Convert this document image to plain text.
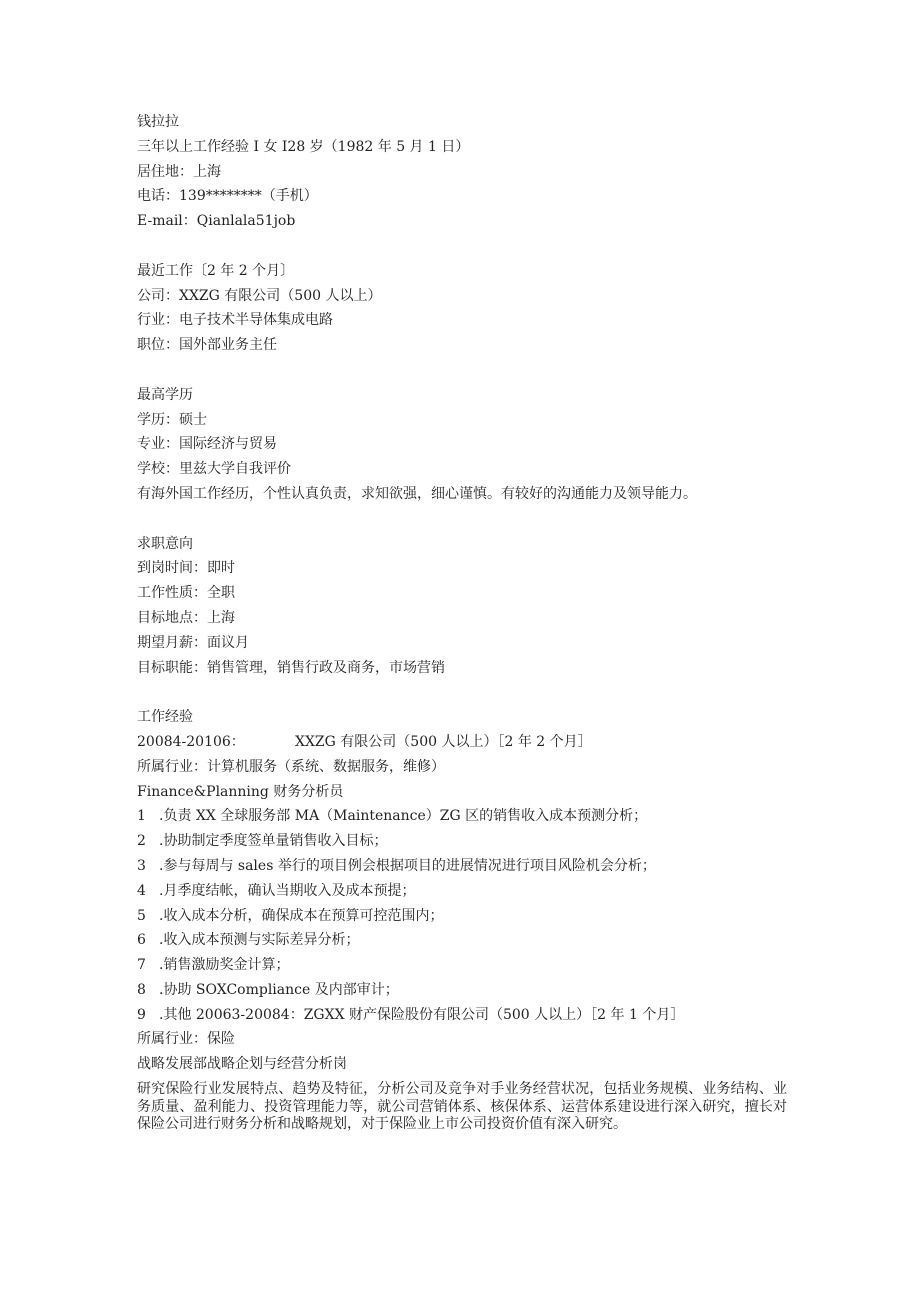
钱拉拉
三年以上工作经验 I 女 I28 岁（1982 年 5 月 1 日）
居住地：上海
电话：139********（手机）
E-mail：Qianlala51job
最近工作〔2 年 2 个月〕
公司：XXZG 有限公司（500 人以上）
行业：电子技术半导体集成电路
职位：国外部业务主任
最高学历
学历：硕士
专业：国际经济与贸易
学校：里兹大学自我评价
有海外国工作经历，个性认真负责，求知欲强，细心谨慎。有较好的沟通能力及领导能力。
求职意向
到岗时间：即时
工作性质：全职
目标地点：上海
期望月薪：面议月
目标职能：销售管理，销售行政及商务，市场营销
工作经验
20084-20106：	XXZG 有限公司（500 人以上）［2 年 2 个月］
所属行业：计算机服务（系统、数据服务，维修）
Finance&Planning 财务分析员
1 .负责 XX 全球服务部 MA（Maintenance）ZG 区的销售收入成本预测分析；
2 .协助制定季度签单量销售收入目标；
3 .参与每周与 sales 举行的项目例会根据项目的进展情况进行项目风险机会分析；
4 .月季度结帐，确认当期收入及成本预提；
5 .收入成本分析，确保成本在预算可控范围内；
6 .收入成本预测与实际差异分析；
7 .销售激励奖金计算；
8 .协助 SOXCompliance 及内部审计；
9 .其他 20063-20084：ZGXX 财产保险股份有限公司（500 人以上）［2 年 1 个月］
所属行业：保险
战略发展部战略企划与经营分析岗
研究保险行业发展特点、趋势及特征，分析公司及竞争对手业务经营状况，包括业务规模、业务结构、业务质量、盈利能力、投资管理能力等，就公司营销体系、核保体系、运营体系建设进行深入研究，擅长对保险公司进行财务分析和战略规划，对于保险业上市公司投资价值有深入研究。
